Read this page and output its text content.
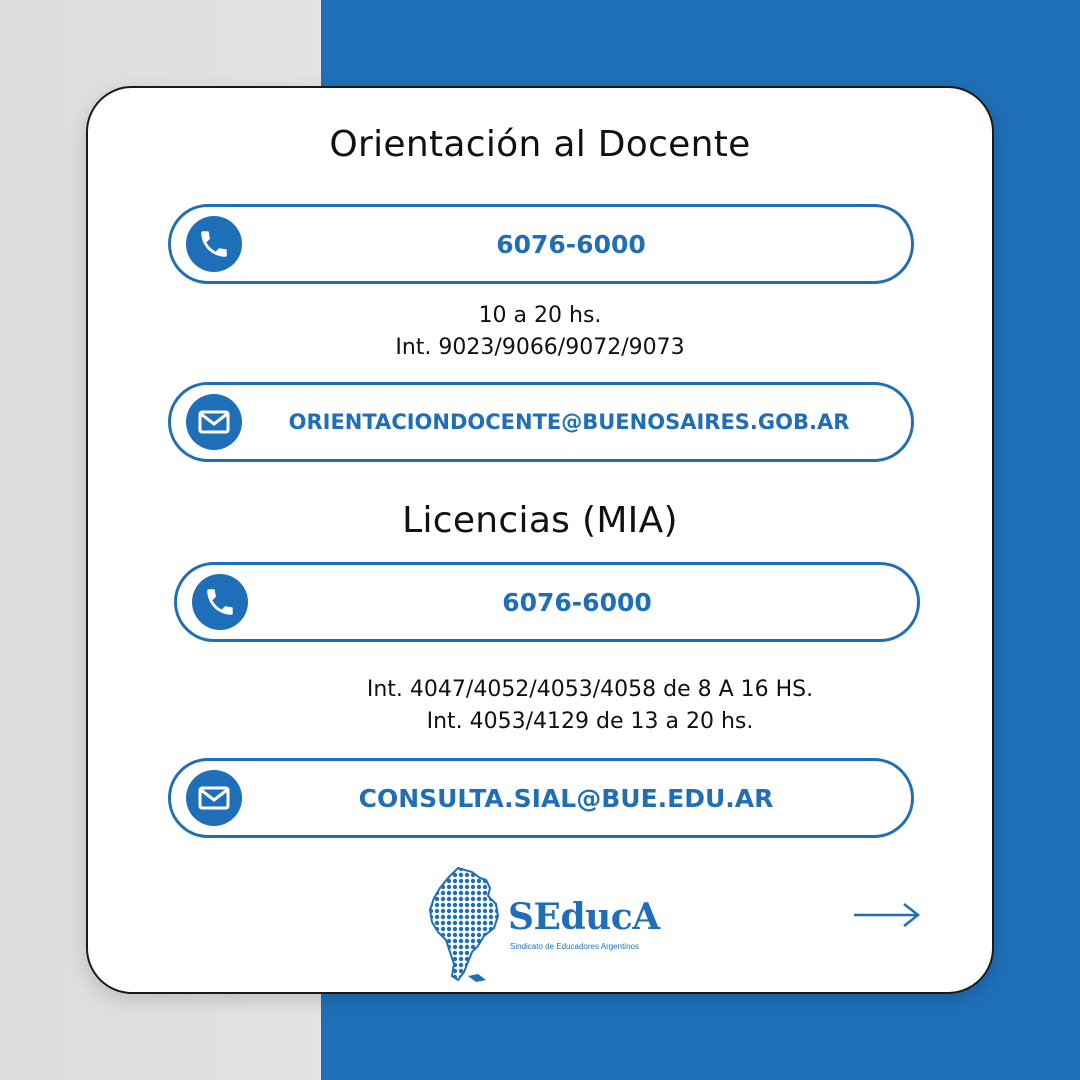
Orientación al Docente
6076-6000
10 a 20 hs.
Int. 9023/9066/9072/9073
ORIENTACIONDOCENTE@BUENOSAIRES.GOB.AR
Licencias (MIA)
6076-6000
Int. 4047/4052/4053/4058 de 8 A 16 HS.
Int. 4053/4129 de 13 a 20 hs.
CONSULTA.SIAL@BUE.EDU.AR
SEducA
Sindicato de Educadores Argentinos
